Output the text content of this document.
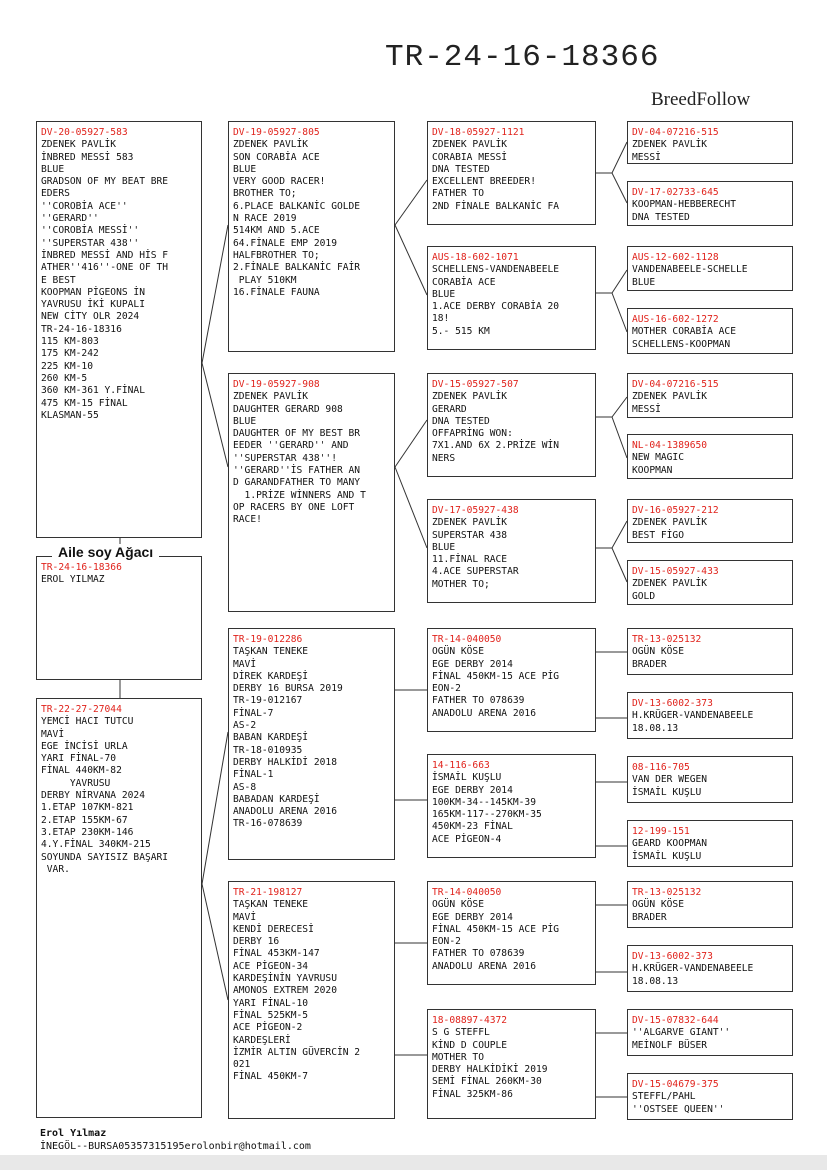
TR-24-16-18366
BreedFollow
DV-20-05927-583
ZDENEK PAVLİK
İNBRED MESSİ 583
BLUE
GRADSON OF MY BEAT BRE
EDERS
''COROBİA ACE''
''GERARD''
''COROBİA MESSİ''
''SUPERSTAR 438''
İNBRED MESSİ AND HİS F
ATHER''416''-ONE OF TH
E BEST
KOOPMAN PİGEONS İN
YAVRUSU İKİ KUPALI
NEW CİTY OLR 2024
TR-24-16-18316
115 KM-803
175 KM-242
225 KM-10
260 KM-5
360 KM-361 Y.FİNAL
475 KM-15 FİNAL
KLASMAN-55
TR-24-16-18366
EROL YILMAZ
Aile soy Ağacı
TR-22-27-27044
YEMCİ HACI TUTCU
MAVİ
EGE İNCİSİ URLA
YARI FİNAL-70
FİNAL 440KM-82
YAVRUSU
DERBY NİRVANA 2024
1.ETAP 107KM-821
2.ETAP 155KM-67
3.ETAP 230KM-146
4.Y.FİNAL 340KM-215
SOYUNDA SAYISIZ BAŞARI
VAR.
DV-19-05927-805
ZDENEK PAVLİK
SON CORABİA ACE
BLUE
VERY GOOD RACER!
BROTHER TO;
6.PLACE BALKANİC GOLDE
N RACE 2019
514KM AND 5.ACE
64.FİNALE EMP 2019
HALFBROTHER TO;
2.FİNALE BALKANİC FAİR
PLAY 510KM
16.FİNALE FAUNA
DV-19-05927-908
ZDENEK PAVLİK
DAUGHTER GERARD 908
BLUE
DAUGHTER OF MY BEST BR
EEDER ''GERARD'' AND
''SUPERSTAR 438''!
''GERARD''İS FATHER AN
D GARANDFATHER TO MANY
1.PRİZE WİNNERS AND T
OP RACERS BY ONE LOFT
RACE!
TR-19-012286
TAŞKAN TENEKE
MAVİ
DİREK KARDEŞİ
DERBY 16 BURSA 2019
TR-19-012167
FİNAL-7
AS-2
BABAN KARDEŞİ
TR-18-010935
DERBY HALKİDİ 2018
FİNAL-1
AS-8
BABADAN KARDEŞİ
ANADOLU ARENA 2016
TR-16-078639
TR-21-198127
TAŞKAN TENEKE
MAVİ
KENDİ DERECESİ
DERBY 16
FİNAL 453KM-147
ACE PİGEON-34
KARDEŞİNİN YAVRUSU
AMONOS EXTREM 2020
YARI FİNAL-10
FİNAL 525KM-5
ACE PİGEON-2
KARDEŞLERİ
İZMİR ALTIN GÜVERCİN 2
021
FİNAL 450KM-7
DV-18-05927-1121
ZDENEK PAVLİK
CORABIA MESSİ
DNA TESTED
EXCELLENT BREEDER!
FATHER TO
2ND FİNALE BALKANİC FA
AUS-18-602-1071
SCHELLENS-VANDENABEELE
CORABİA ACE
BLUE
1.ACE DERBY CORABİA 20
18!
5.- 515 KM
DV-15-05927-507
ZDENEK PAVLİK
GERARD
DNA TESTED
OFFAPRİNG WON:
7X1.AND 6X 2.PRİZE WİN
NERS
DV-17-05927-438
ZDENEK PAVLİK
SUPERSTAR 438
BLUE
11.FİNAL RACE
4.ACE SUPERSTAR
MOTHER TO;
TR-14-040050
OGÜN KÖSE
EGE DERBY 2014
FİNAL 450KM-15 ACE PİG
EON-2
FATHER TO 078639
ANADOLU ARENA 2016
14-116-663
İSMAİL KUŞLU
EGE DERBY 2014
100KM-34--145KM-39
165KM-117--270KM-35
450KM-23 FİNAL
ACE PİGEON-4
TR-14-040050
OGÜN KÖSE
EGE DERBY 2014
FİNAL 450KM-15 ACE PİG
EON-2
FATHER TO 078639
ANADOLU ARENA 2016
18-08897-4372
S G STEFFL
KİND D COUPLE
MOTHER TO
DERBY HALKİDİKİ 2019
SEMİ FİNAL 260KM-30
FİNAL 325KM-86
DV-04-07216-515
ZDENEK PAVLİK
MESSİ
DV-17-02733-645
KOOPMAN-HEBBERECHT
DNA TESTED
AUS-12-602-1128
VANDENABEELE-SCHELLE
BLUE
AUS-16-602-1272
MOTHER CORABİA ACE
SCHELLENS-KOOPMAN
DV-04-07216-515
ZDENEK PAVLİK
MESSİ
NL-04-1389650
NEW MAGIC
KOOPMAN
DV-16-05927-212
ZDENEK PAVLİK
BEST FİGO
DV-15-05927-433
ZDENEK PAVLİK
GOLD
TR-13-025132
OGÜN KÖSE
BRADER
DV-13-6002-373
H.KRÜGER-VANDENABEELE
18.08.13
08-116-705
VAN DER WEGEN
İSMAİL KUŞLU
12-199-151
GEARD KOOPMAN
İSMAİL KUŞLU
TR-13-025132
OGÜN KÖSE
BRADER
DV-13-6002-373
H.KRÜGER-VANDENABEELE
18.08.13
DV-15-07832-644
''ALGARVE GIANT''
MEİNOLF BÜSER
DV-15-04679-375
STEFFL/PAHL
''OSTSEE QUEEN''
Erol Yılmaz
İNEGÖL--BURSA05357315195erolonbir@hotmail.com
